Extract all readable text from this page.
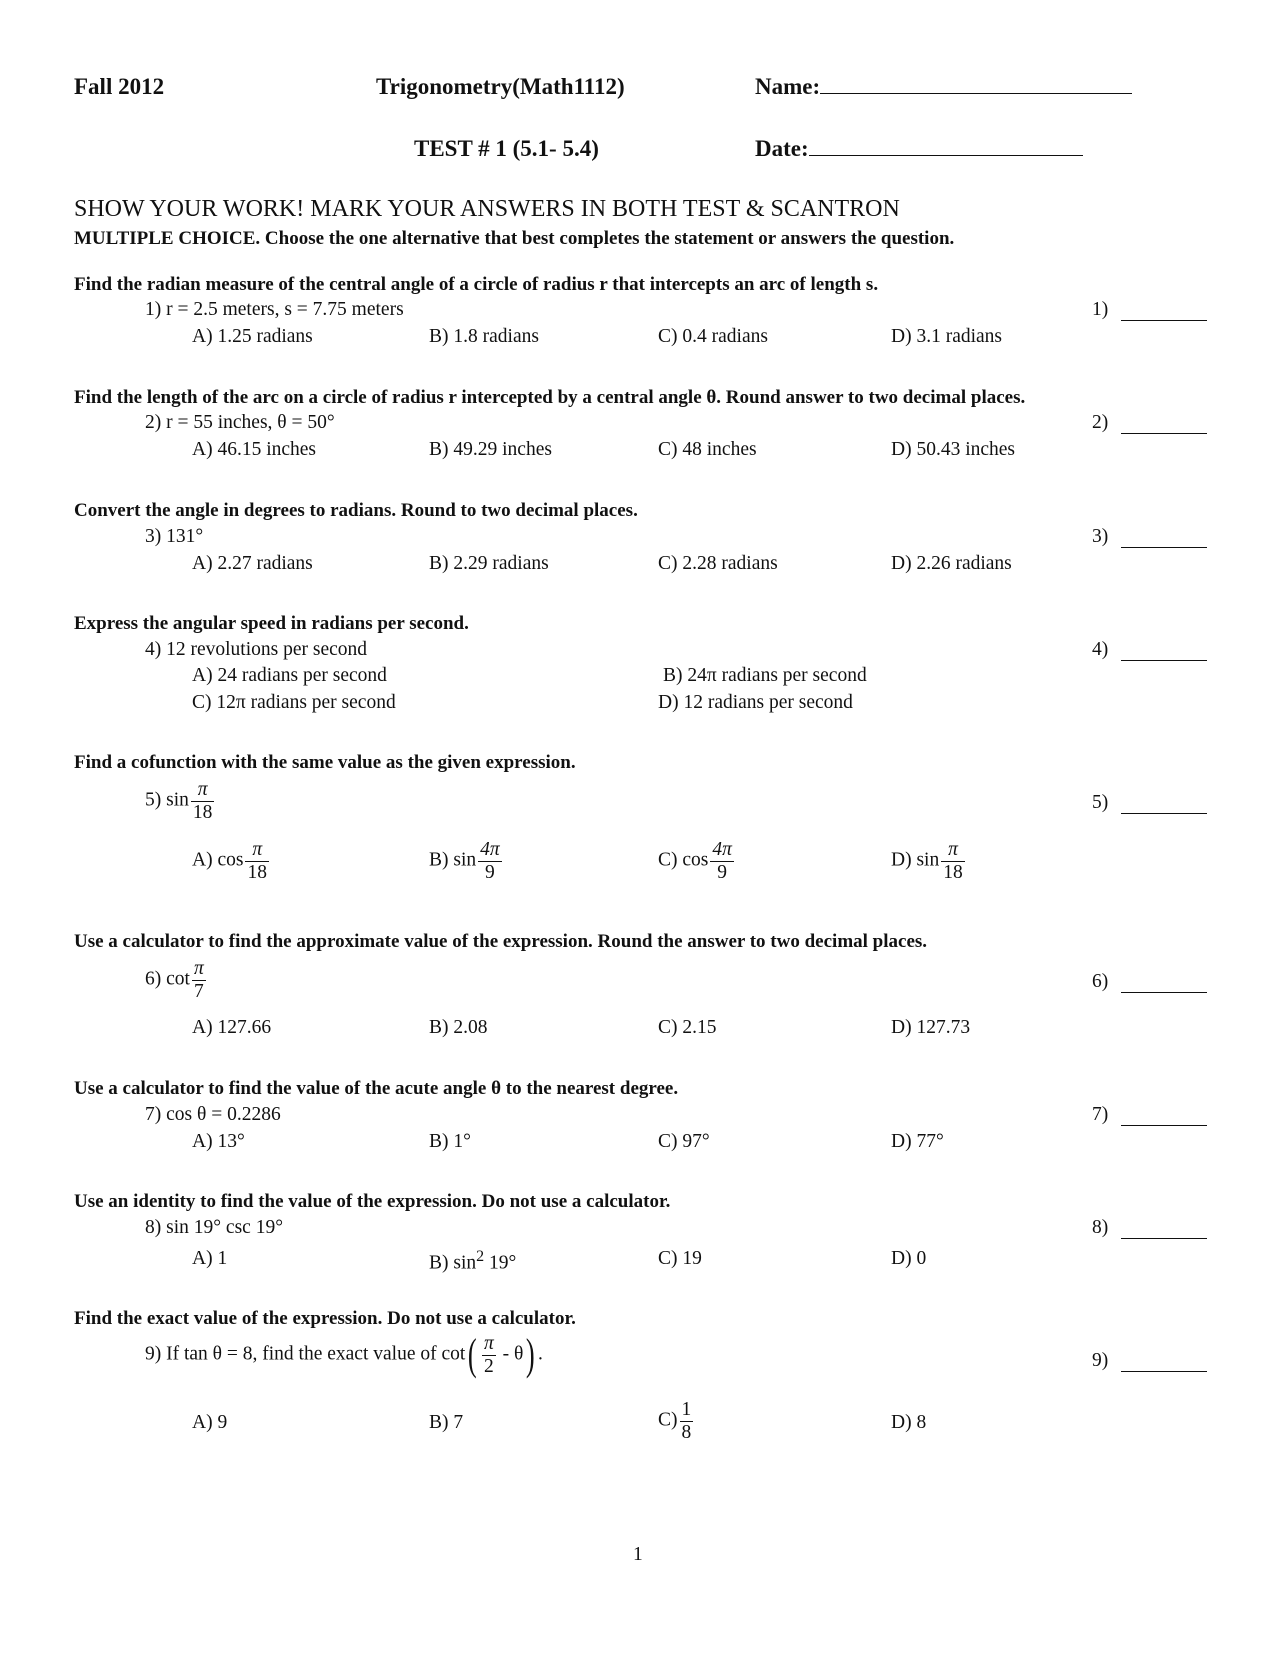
Fall 2012	Trigonometry(Math1112)	Name:
TEST # 1 (5.1- 5.4)	Date:
SHOW YOUR WORK! MARK YOUR ANSWERS IN BOTH TEST & SCANTRON
MULTIPLE CHOICE. Choose the one alternative that best completes the statement or answers the question.
Find the radian measure of the central angle of a circle of radius r that intercepts an arc of length s.
1) r = 2.5 meters, s = 7.75 meters	1)
A) 1.25 radians	B) 1.8 radians	C) 0.4 radians	D) 3.1 radians
Find the length of the arc on a circle of radius r intercepted by a central angle θ. Round answer to two decimal places.
2) r = 55 inches, θ = 50°	2)
A) 46.15 inches	B) 49.29 inches	C) 48 inches	D) 50.43 inches
Convert the angle in degrees to radians. Round to two decimal places.
3) 131°	3)
A) 2.27 radians	B) 2.29 radians	C) 2.28 radians	D) 2.26 radians
Express the angular speed in radians per second.
4) 12 revolutions per second	4)
A) 24 radians per second	B) 24π radians per second
C) 12π radians per second	D) 12 radians per second
Find a cofunction with the same value as the given expression.
5) $\sin \frac{\pi}{18}$	5)
A) $\cos \frac{\pi}{18}$	B) $\sin \frac{4\pi}{9}$	C) $\cos \frac{4\pi}{9}$	D) $\sin \frac{\pi}{18}$
Use a calculator to find the approximate value of the expression. Round the answer to two decimal places.
6) $\cot \frac{\pi}{7}$	6)
A) 127.66	B) 2.08	C) 2.15	D) 127.73
Use a calculator to find the value of the acute angle θ to the nearest degree.
7) cos θ = 0.2286	7)
A) 13°	B) 1°	C) 97°	D) 77°
Use an identity to find the value of the expression. Do not use a calculator.
8) sin 19° csc 19°	8)
A) 1	B) $\sin^2 19^\circ$	C) 19	D) 0
Find the exact value of the expression. Do not use a calculator.
9) If tan θ = 8, find the exact value of $\cot( \frac{\pi}{2} - \theta)$ .	9)
A) 9	B) 7	$C) \frac{1}{8}$	D) 8
1
